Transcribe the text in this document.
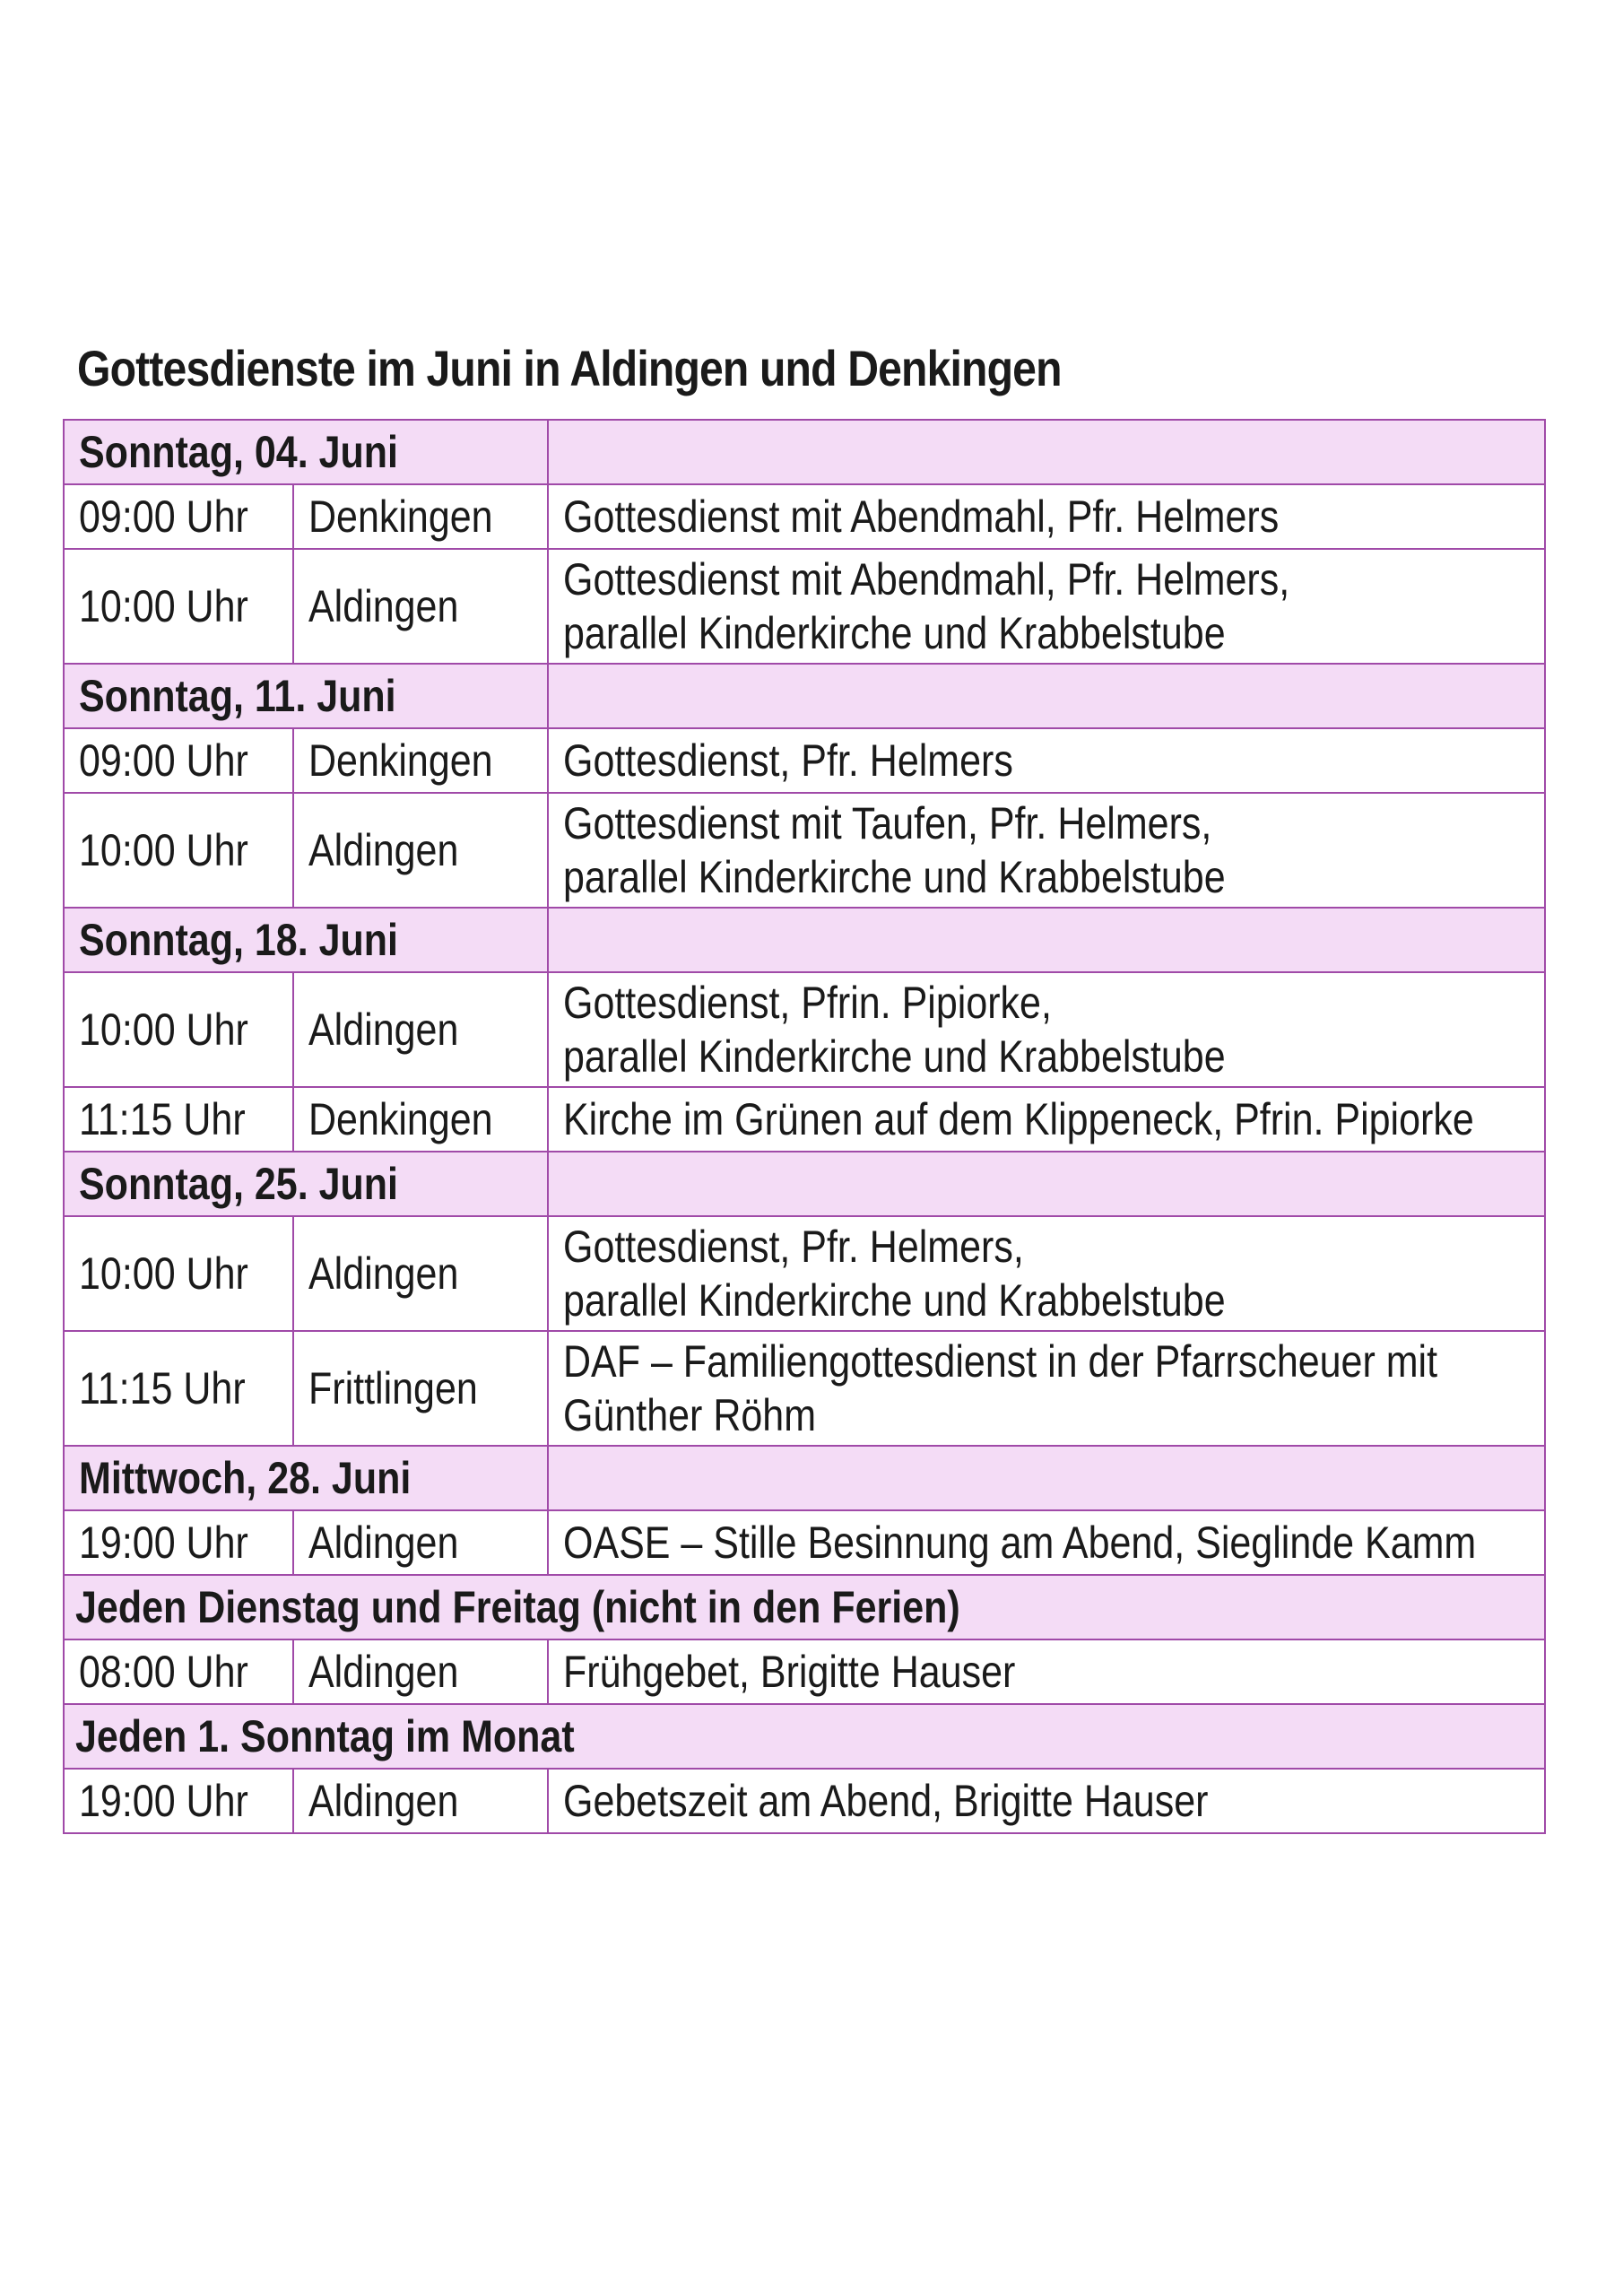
Gottesdienste im Juni in Aldingen und Denkingen
Sonntag, 04. Juni		
09:00 Uhr	Denkingen	Gottesdienst mit Abendmahl, Pfr. Helmers

10:00 Uhr	Aldingen	Gottesdienst mit Abendmahl, Pfr. Helmers,
parallel Kinderkirche und Krabbelstube

Sonntag, 11. Juni		
09:00 Uhr	Denkingen	Gottesdienst, Pfr. Helmers

10:00 Uhr	Aldingen	Gottesdienst mit Taufen, Pfr. Helmers,
parallel Kinderkirche und Krabbelstube

Sonntag, 18. Juni		
10:00 Uhr	Aldingen	Gottesdienst, Pfrin. Pipiorke,
parallel Kinderkirche und Krabbelstube

11:15 Uhr	Denkingen	Kirche im Grünen auf dem Klippeneck, Pfrin. Pipiorke

Sonntag, 25. Juni		
10:00 Uhr	Aldingen	Gottesdienst, Pfr. Helmers,
parallel Kinderkirche und Krabbelstube

11:15 Uhr	Frittlingen	DAF – Familiengottesdienst in der Pfarrscheuer mit
Günther Röhm

Mittwoch, 28. Juni		
19:00 Uhr	Aldingen	OASE – Stille Besinnung am Abend, Sieglinde Kamm

Jeden Dienstag und Freitag (nicht in den Ferien)		
08:00 Uhr	Aldingen	Frühgebet, Brigitte Hauser

Jeden 1. Sonntag im Monat		
19:00 Uhr	Aldingen	Gebetszeit am Abend, Brigitte Hauser
